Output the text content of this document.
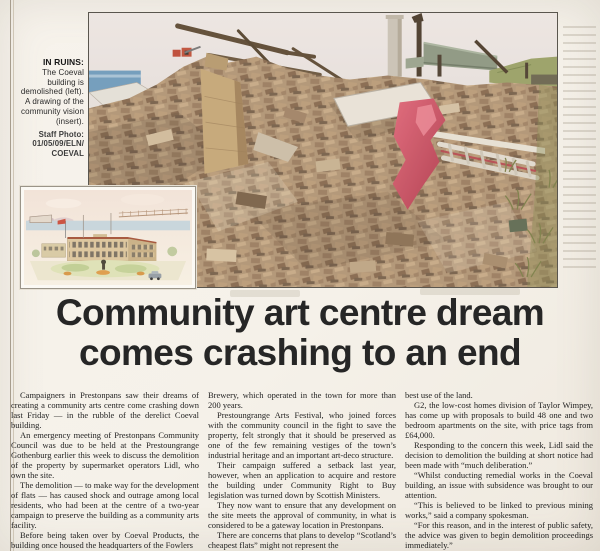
IN RUINS:
The Coeval building is demolished (left). A drawing of the community vision (insert).
Staff Photo: 01/05/09/ELN/ COEVAL
Community art centre dream
comes crashing to an end

Campaigners in Prestonpans saw their dreams of creating a community arts centre come crashing down last Friday — in the rubble of the derelict Coeval building.

An emergency meeting of Prestonpans Community Council was due to be held at the Prestoungrange Gothenburg earlier this week to discuss the demolition of the property by supermarket operators Lidl, who own the site.

The demolition — to make way for the development of flats — has caused shock and outrage among local residents, who had been at the centre of a two-year campaign to preserve the building as a community arts facility.

Before being taken over by Coeval Products, the building once housed the headquarters of the Fowlers

Brewery, which operated in the town for more than 200 years.

Prestoungrange Arts Festival, who joined forces with the community council in the fight to save the property, felt strongly that it should be preserved as one of the few remaining vestiges of the town’s industrial heritage and an important art-deco structure.

Their campaign suffered a setback last year, however, when an application to acquire and restore the building under Community Right to Buy legislation was turned down by Scottish Ministers.

They now want to ensure that any development on the site meets the approval of community, in what is considered to be a gateway location in Prestonpans.

There are concerns that plans to develop “Scotland’s cheapest flats” might not represent the

best use of the land.

G2, the low-cost homes division of Taylor Wimpey, has come up with proposals to build 48 one and two bedroom apartments on the site, with price tags from £64,000.

Responding to the concern this week, Lidl said the decision to demolition the building at short notice had been made with “much deliberation.”

“Whilst conducting remedial works in the Coeval building, an issue with subsidence was brought to our attention.

“This is believed to be linked to previous mining works,” said a company spokesman.

“For this reason, and in the interest of public safety, the advice was given to begin demolition proceedings immediately.”
